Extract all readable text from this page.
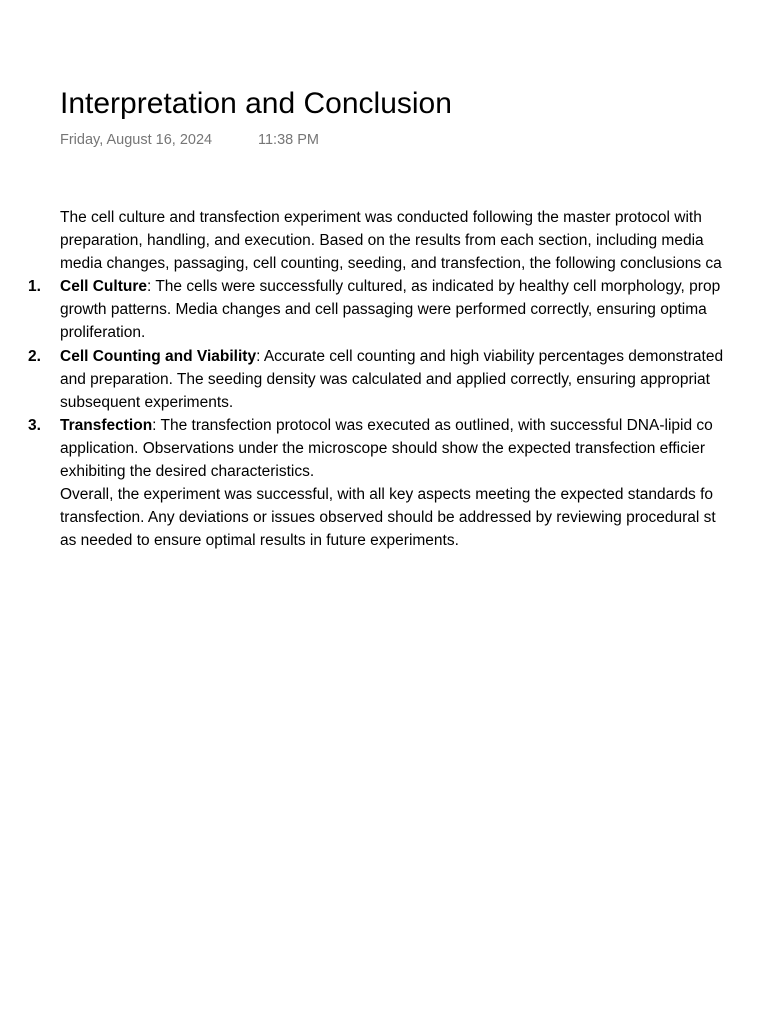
Interpretation and Conclusion
Friday, August 16, 2024	11:38 PM
The cell culture and transfection experiment was conducted following the master protocol with
preparation, handling, and execution. Based on the results from each section, including media
media changes, passaging, cell counting, seeding, and transfection, the following conclusions ca
Cell Culture: The cells were successfully cultured, as indicated by healthy cell morphology, prop
growth patterns. Media changes and cell passaging were performed correctly, ensuring optima
proliferation.
Cell Counting and Viability: Accurate cell counting and high viability percentages demonstrated
and preparation. The seeding density was calculated and applied correctly, ensuring appropriat
subsequent experiments.
Transfection: The transfection protocol was executed as outlined, with successful DNA-lipid co
application. Observations under the microscope should show the expected transfection efficier
exhibiting the desired characteristics.
Overall, the experiment was successful, with all key aspects meeting the expected standards fo
transfection. Any deviations or issues observed should be addressed by reviewing procedural st
as needed to ensure optimal results in future experiments.
1.
2.
3.
